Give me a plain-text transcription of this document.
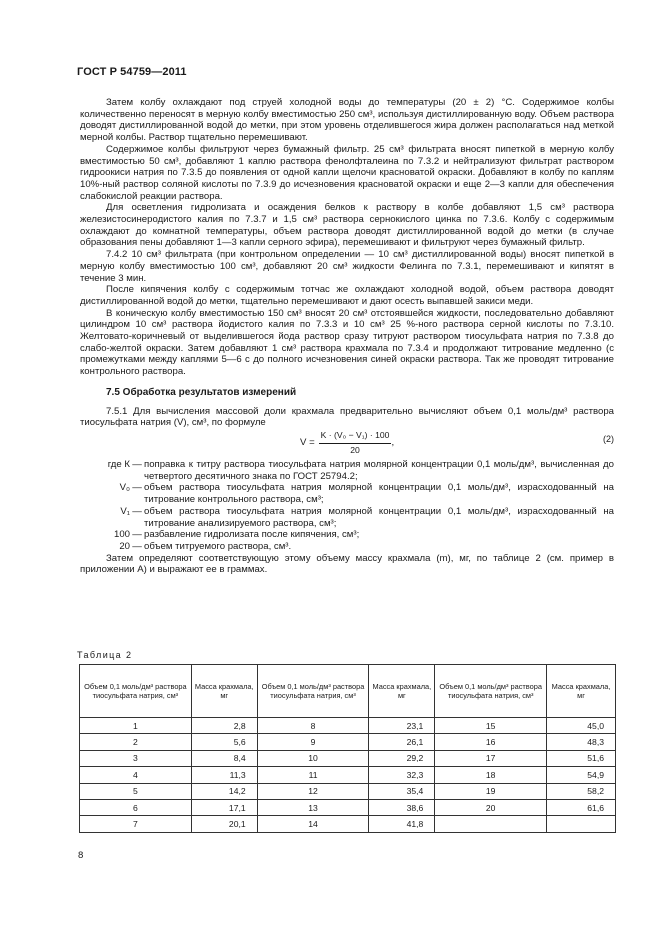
ГОСТ Р 54759—2011

Затем колбу охлаждают под струей холодной воды до температуры (20 ± 2) °С. Содержимое колбы количественно переносят в мерную колбу вместимостью 250 см³, используя дистиллированную воду. Объем раствора доводят дистиллированной водой до метки, при этом уровень отделившегося жира должен располагаться над меткой мерной колбы. Раствор тщательно перемешивают.

Содержимое колбы фильтруют через бумажный фильтр. 25 см³ фильтрата вносят пипеткой в мерную колбу вместимостью 50 см³, добавляют 1 каплю раствора фенолфталеина по 7.3.2 и нейтрализуют фильтрат раствором гидроокиси натрия по 7.3.5 до появления от одной капли щелочи красноватой окраски. Добавляют в колбу по каплям 10%-ный раствор соляной кислоты по 7.3.9 до исчезновения красноватой окраски и еще 2—3 капли для обеспечения слабокислой реакции раствора.

Для осветления гидролизата и осаждения белков к раствору в колбе добавляют 1,5 см³ раствора железистосинеродистого калия по 7.3.7 и 1,5 см³ раствора сернокислого цинка по 7.3.6. Колбу с содержимым охлаждают до комнатной температуры, объем раствора доводят дистиллированной водой до метки (в случае образования пены добавляют 1—3 капли серного эфира), перемешивают и фильтруют через бумажный фильтр.

7.4.2 10 см³ фильтрата (при контрольном определении — 10 см³ дистиллированной воды) вносят пипеткой в мерную колбу вместимостью 100 см³, добавляют 20 см³ жидкости Фелинга по 7.3.1, перемешивают и кипятят в течение 3 мин.

После кипячения колбу с содержимым тотчас же охлаждают холодной водой, объем раствора доводят дистиллированной водой до метки, тщательно перемешивают и дают осесть выпавшей закиси меди.

В коническую колбу вместимостью 150 см³ вносят 20 см³ отстоявшейся жидкости, последовательно добавляют цилиндром 10 см³ раствора йодистого калия по 7.3.3 и 10 см³ 25 %-ного раствора серной кислоты по 7.3.10. Желтовато-коричневый от выделившегося йода раствор сразу титруют раствором тиосульфата натрия по 7.3.8 до слабо-желтой окраски. Затем добавляют 1 см³ раствора крахмала по 7.3.4 и продолжают титрование медленно (с промежутками между каплями 5—6 с до полного исчезновения синей окраски раствора. Так же проводят титрование контрольного раствора.

7.5 Обработка результатов измерений

7.5.1 Для вычисления массовой доли крахмала предварительно вычисляют объем 0,1 моль/дм³ раствора тиосульфата натрия (V), см³, по формуле

$V = \frac{\text{K · (V₀ − V₁) · 100}}{20}$ ,	(2)
где К — поправка к титру раствора тиосульфата натрия молярной концентрации 0,1 моль/дм³, вычисленная до четвертого десятичного знака по ГОСТ 25794.2;
V₀ — объем раствора тиосульфата натрия молярной концентрации 0,1 моль/дм³, израсходованный на титрование контрольного раствора, см³;
V₁ — объем раствора тиосульфата натрия молярной концентрации 0,1 моль/дм³, израсходованный на титрование анализируемого раствора, см³;
100 — разбавление гидролизата после кипячения, см³;
20 — объем титруемого раствора, см³.

Затем определяют соответствующую этому объему массу крахмала (m), мг, по таблице 2 (см. пример в приложении А) и выражают ее в граммах.

Таблица 2
Объем 0,1 моль/дм³ раствора тиосульфата натрия, см³	Масса крахмала, мг	Объем 0,1 моль/дм³ раствора тиосульфата натрия, см³	Масса крахмала, мг	Объем 0,1 моль/дм³ раствора тиосульфата натрия, см³	Масса крахмала, мг
1	2,8	8	23,1	15	45,0
2	5,6	9	26,1	16	48,3
3	8,4	10	29,2	17	51,6
4	11,3	11	32,3	18	54,9
5	14,2	12	35,4	19	58,2
6	17,1	13	38,6	20	61,6
7	20,1	14	41,8		
8
